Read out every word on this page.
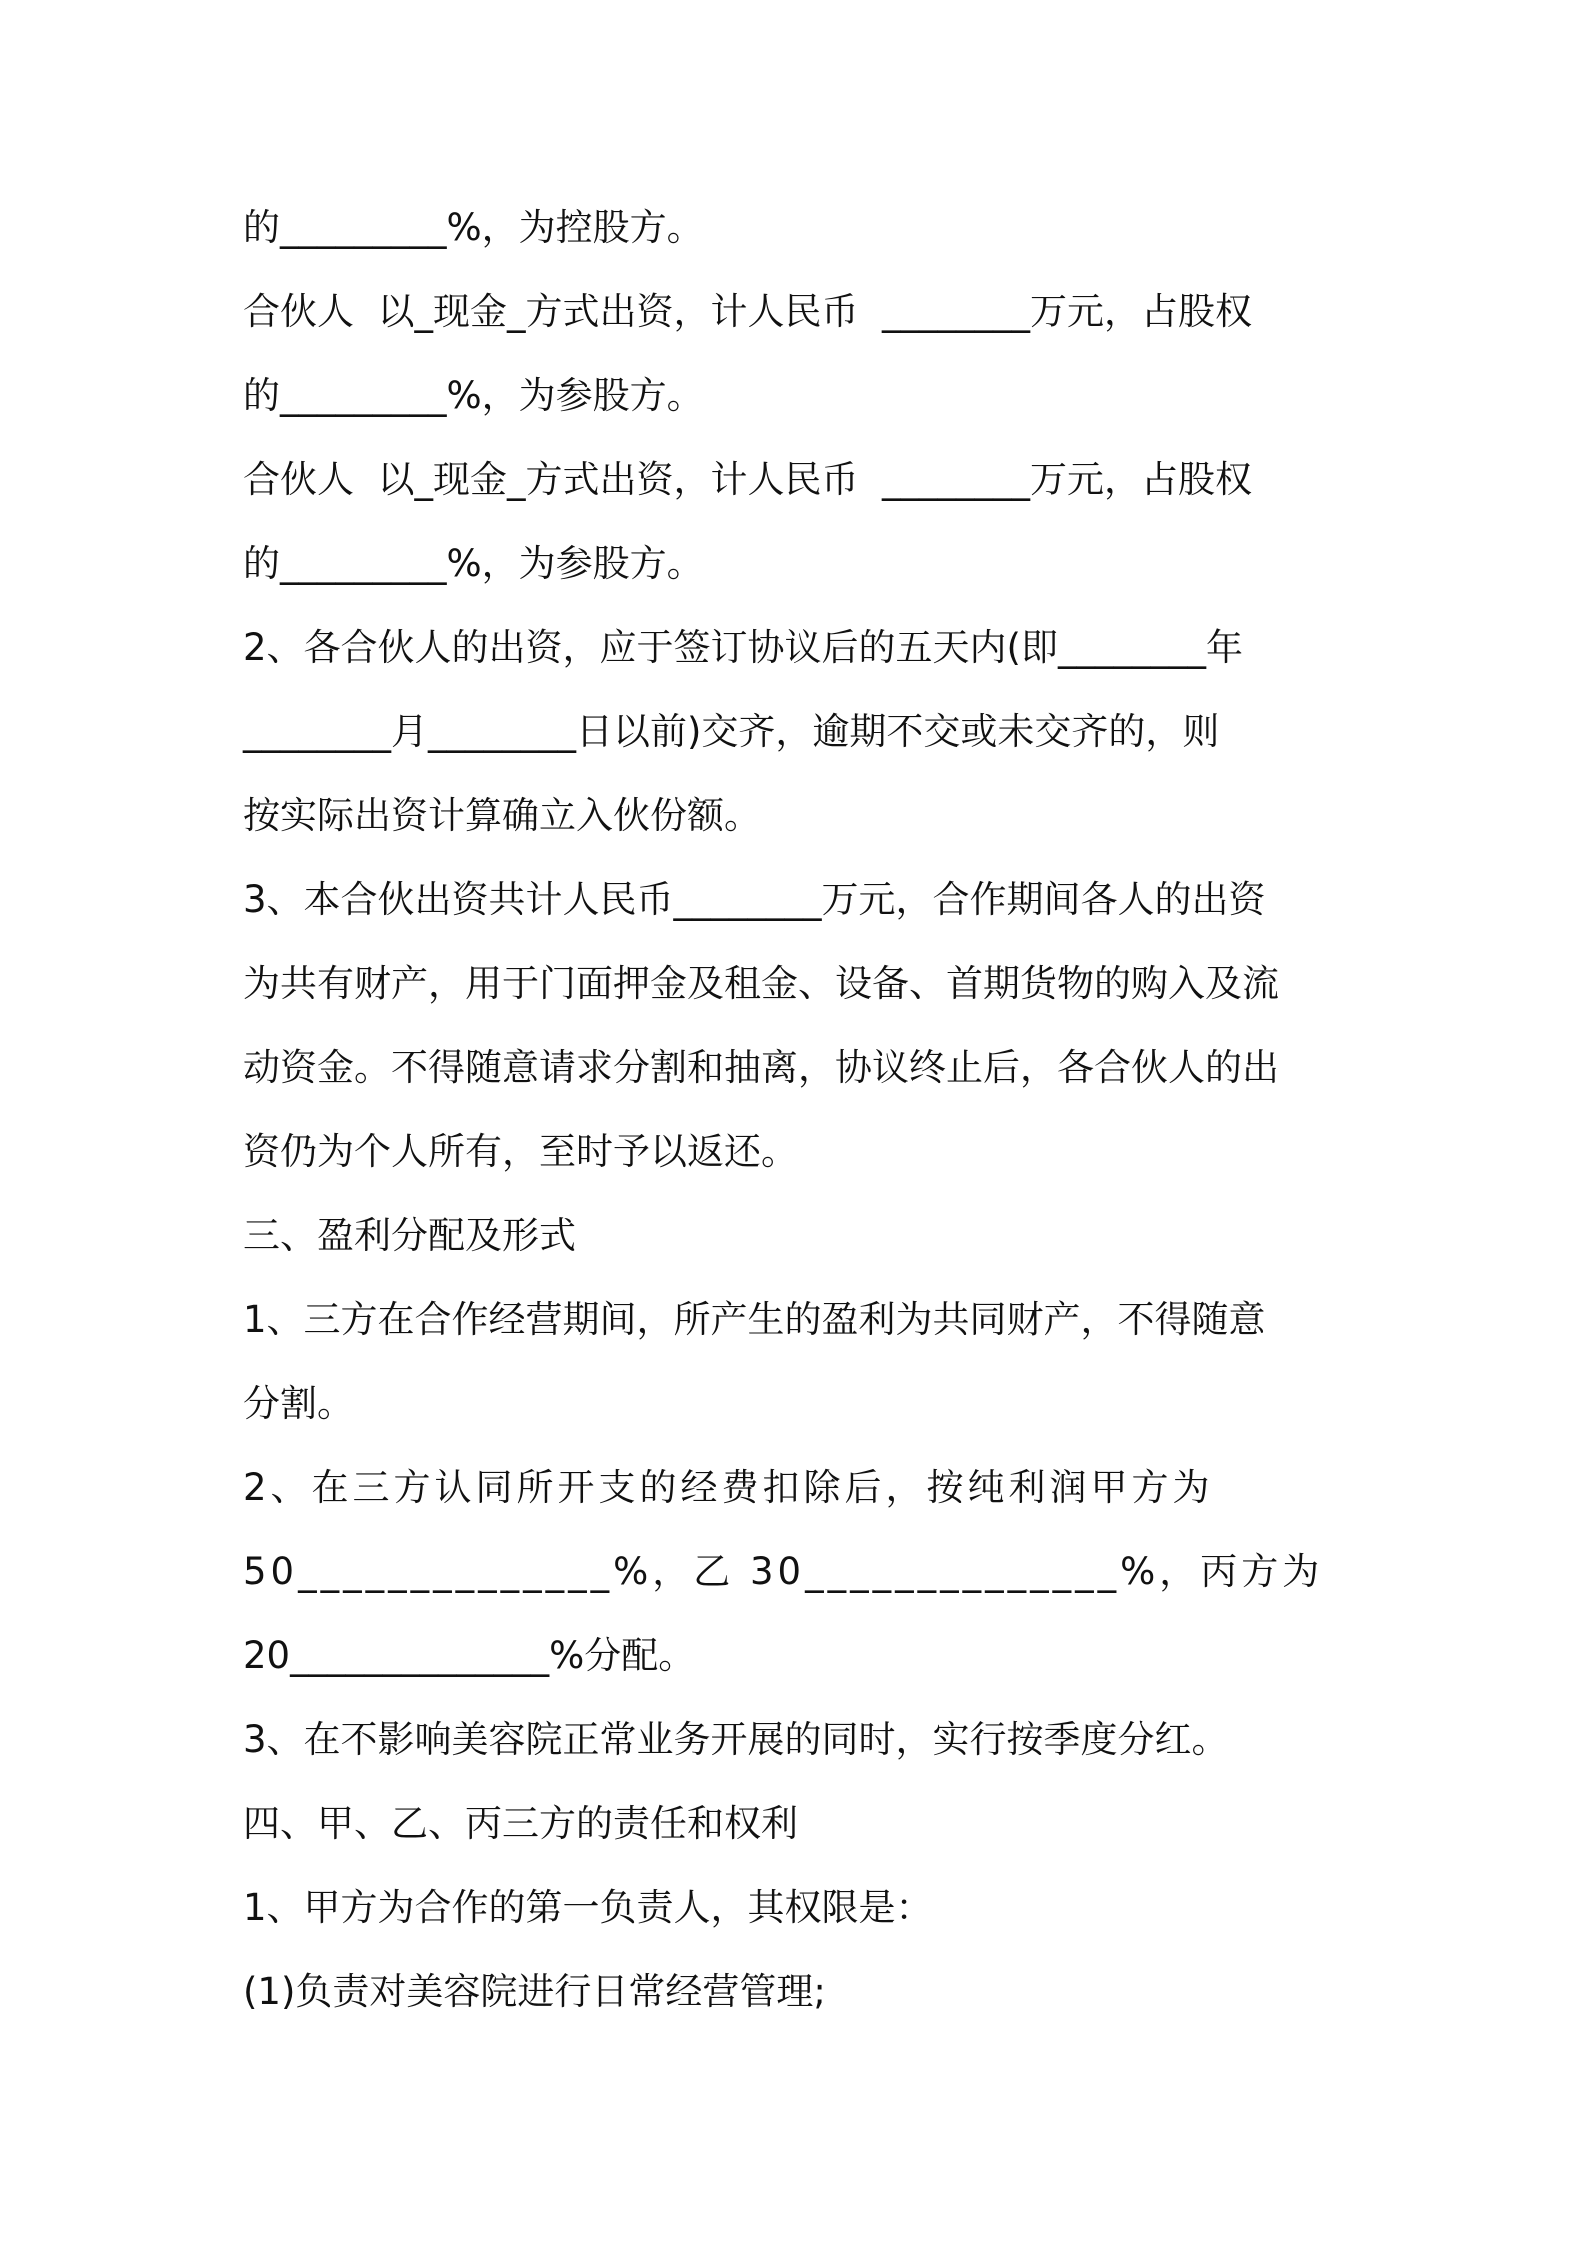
的_________%，为控股方。
合伙人  以_现金_方式出资，计人民币  ________万元，占股权
的_________%，为参股方。
合伙人  以_现金_方式出资，计人民币  ________万元，占股权
的_________%，为参股方。
2、各合伙人的出资，应于签订协议后的五天内(即________年
________月________日以前)交齐，逾期不交或未交齐的，则
按实际出资计算确立入伙份额。
3、本合伙出资共计人民币________万元，合作期间各人的出资
为共有财产，用于门面押金及租金、设备、首期货物的购入及流
动资金。不得随意请求分割和抽离，协议终止后，各合伙人的出
资仍为个人所有，至时予以返还。
三、盈利分配及形式
1、三方在合作经营期间，所产生的盈利为共同财产，不得随意
分割。
2、在三方认同所开支的经费扣除后，按纯利润甲方为
50______________%，乙 30______________%，丙方为
20______________%分配。
3、在不影响美容院正常业务开展的同时，实行按季度分红。
四、甲、乙、丙三方的责任和权利
1、甲方为合作的第一负责人，其权限是：
(1)负责对美容院进行日常经营管理;
